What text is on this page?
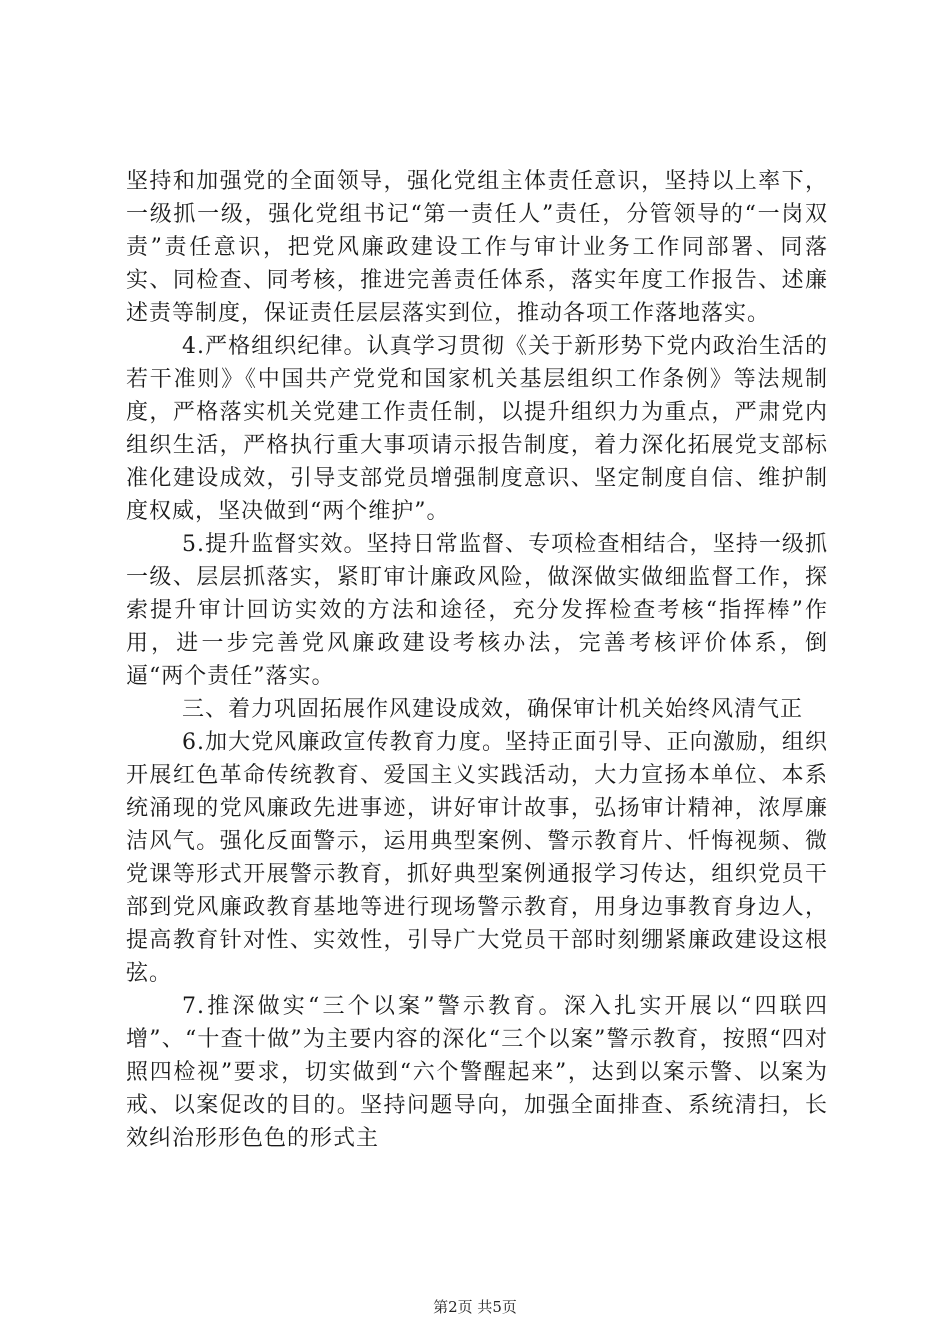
坚持和加强党的全面领导，强化党组主体责任意识，坚持以上率下，一级抓一级，强化党组书记“第一责任人”责任，分管领导的“一岗双责”责任意识，把党风廉政建设工作与审计业务工作同部署、同落实、同检查、同考核，推进完善责任体系，落实年度工作报告、述廉述责等制度，保证责任层层落实到位，推动各项工作落地落实。

4.严格组织纪律。认真学习贯彻《关于新形势下党内政治生活的若干准则》《中国共产党党和国家机关基层组织工作条例》等法规制度，严格落实机关党建工作责任制，以提升组织力为重点，严肃党内组织生活，严格执行重大事项请示报告制度，着力深化拓展党支部标准化建设成效，引导支部党员增强制度意识、坚定制度自信、维护制度权威，坚决做到“两个维护”。

5.提升监督实效。坚持日常监督、专项检查相结合，坚持一级抓一级、层层抓落实，紧盯审计廉政风险，做深做实做细监督工作，探索提升审计回访实效的方法和途径，充分发挥检查考核“指挥棒”作用，进一步完善党风廉政建设考核办法，完善考核评价体系，倒逼“两个责任”落实。

三、着力巩固拓展作风建设成效，确保审计机关始终风清气正

6.加大党风廉政宣传教育力度。坚持正面引导、正向激励，组织开展红色革命传统教育、爱国主义实践活动，大力宣扬本单位、本系统涌现的党风廉政先进事迹，讲好审计故事，弘扬审计精神，浓厚廉洁风气。强化反面警示，运用典型案例、警示教育片、忏悔视频、微党课等形式开展警示教育，抓好典型案例通报学习传达，组织党员干部到党风廉政教育基地等进行现场警示教育，用身边事教育身边人，提高教育针对性、实效性，引导广大党员干部时刻绷紧廉政建设这根弦。

7.推深做实“三个以案”警示教育。深入扎实开展以“四联四增”、“十查十做”为主要内容的深化“三个以案”警示教育，按照“四对照四检视”要求，切实做到“六个警醒起来”，达到以案示警、以案为戒、以案促改的目的。坚持问题导向，加强全面排查、系统清扫，长效纠治形形色色的形式主

第2页 共5页
